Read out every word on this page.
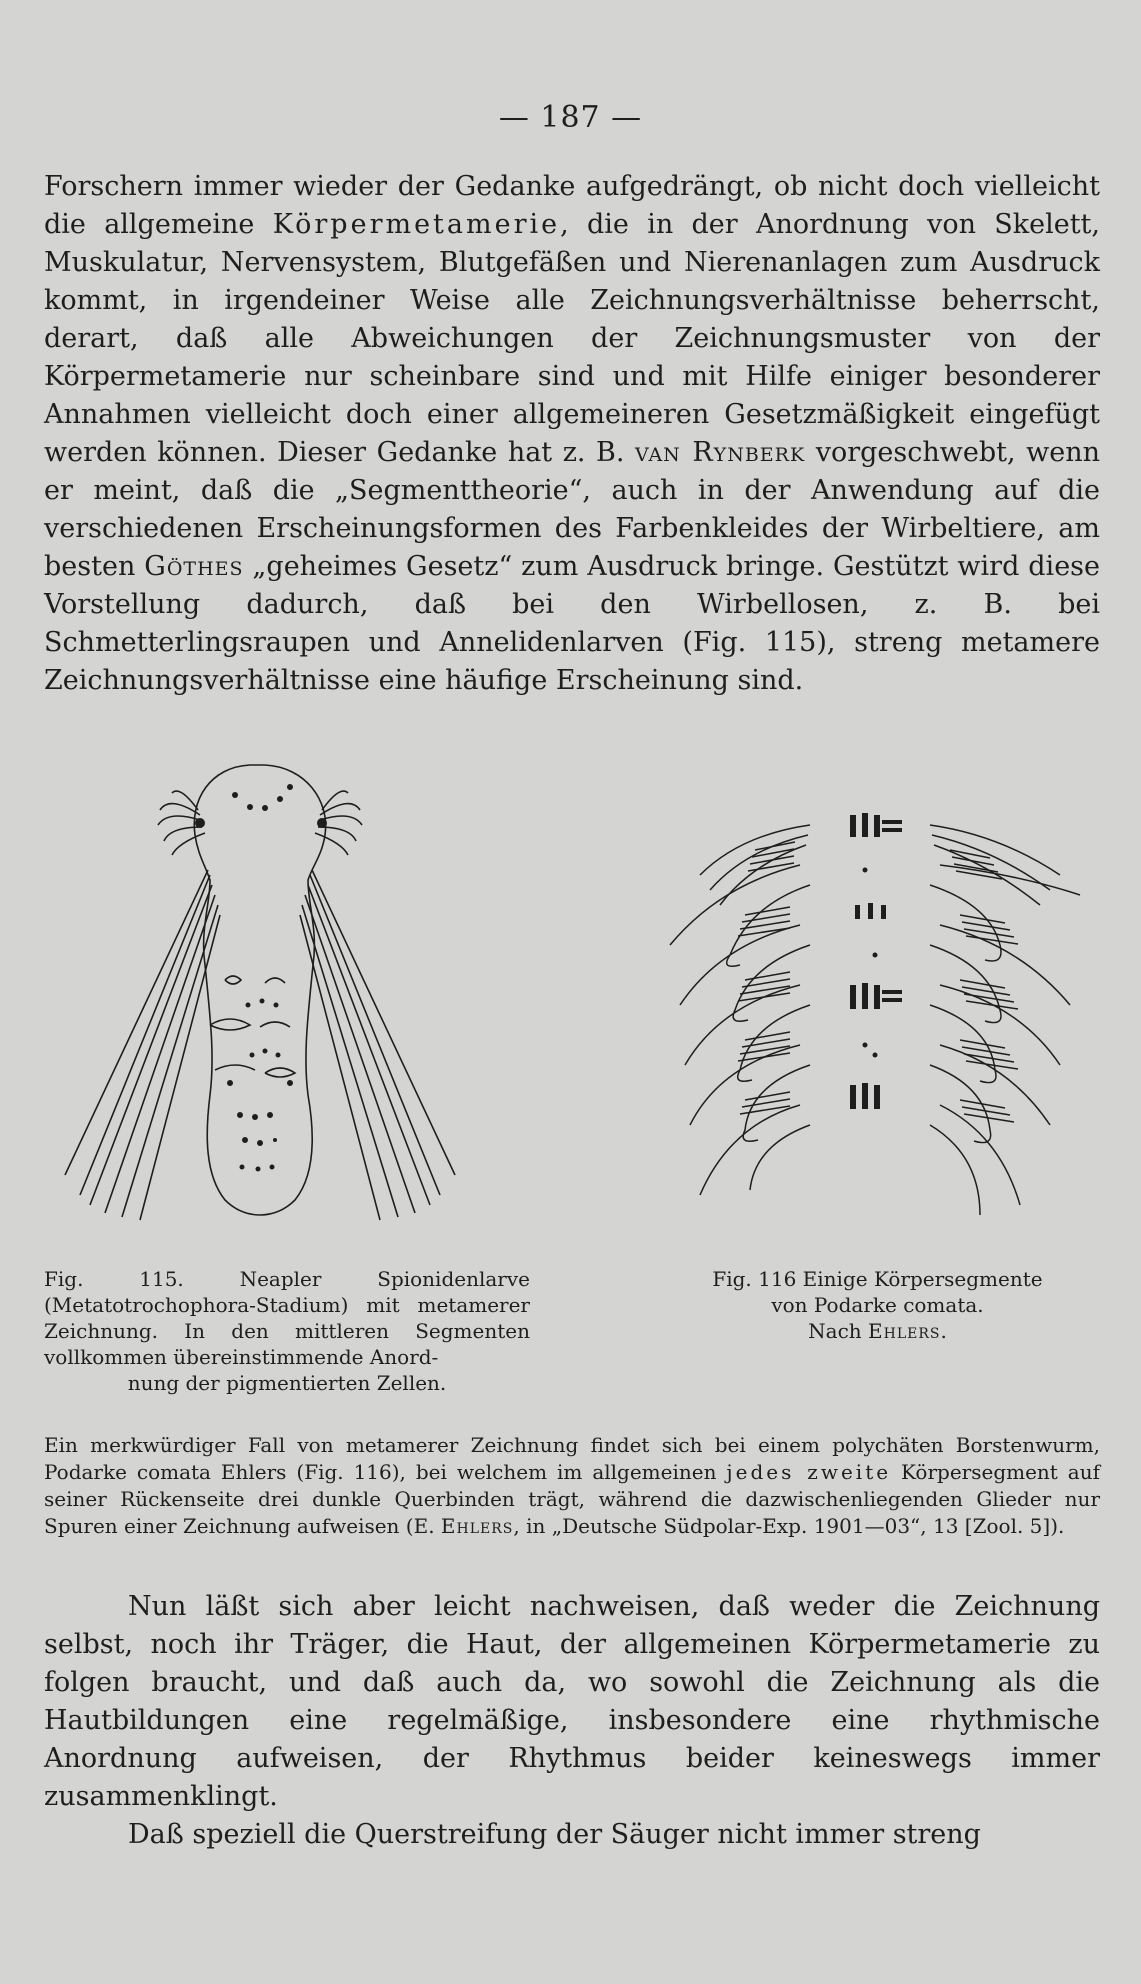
— 187 —

Forschern immer wieder der Gedanke aufgedrängt, ob nicht doch vielleicht die allgemeine Körpermetamerie, die in der Anordnung von Skelett, Muskulatur, Nervensystem, Blutgefäßen und Nierenanlagen zum Ausdruck kommt, in irgendeiner Weise alle Zeichnungsverhältnisse beherrscht, derart, daß alle Abweichungen der Zeichnungsmuster von der Körpermetamerie nur scheinbare sind und mit Hilfe einiger besonderer Annahmen vielleicht doch einer allgemeineren Gesetzmäßigkeit eingefügt werden können. Dieser Gedanke hat z. B. van Rynberk vorgeschwebt, wenn er meint, daß die „Segmenttheorie“, auch in der Anwendung auf die verschiedenen Erscheinungsformen des Farbenkleides der Wirbeltiere, am besten Göthes „geheimes Gesetz“ zum Ausdruck bringe. Gestützt wird diese Vorstellung dadurch, daß bei den Wirbellosen, z. B. bei Schmetterlingsraupen und Annelidenlarven (Fig. 115), streng metamere Zeichnungsverhältnisse eine häufige Erscheinung sind.

Fig. 115. Neapler Spionidenlarve (Metatotrochophora-Stadium) mit metamerer Zeichnung. In den mittleren Segmenten vollkommen übereinstimmende Anord-
nung der pigmentierten Zellen.

Fig. 116 Einige Körpersegmente
von Podarke comata.
Nach Ehlers.

Ein merkwürdiger Fall von metamerer Zeichnung findet sich bei einem polychäten Borstenwurm, Podarke comata Ehlers (Fig. 116), bei welchem im allgemeinen jedes zweite Körpersegment auf seiner Rückenseite drei dunkle Querbinden trägt, während die dazwischenliegenden Glieder nur Spuren einer Zeichnung aufweisen (E. Ehlers, in „Deutsche Südpolar-Exp. 1901—03“, 13 [Zool. 5]).

Nun läßt sich aber leicht nachweisen, daß weder die Zeichnung selbst, noch ihr Träger, die Haut, der allgemeinen Körpermetamerie zu folgen braucht, und daß auch da, wo sowohl die Zeichnung als die Hautbildungen eine regelmäßige, insbesondere eine rhythmische Anordnung aufweisen, der Rhythmus beider keineswegs immer zusammenklingt.

Daß speziell die Querstreifung der Säuger nicht immer streng
